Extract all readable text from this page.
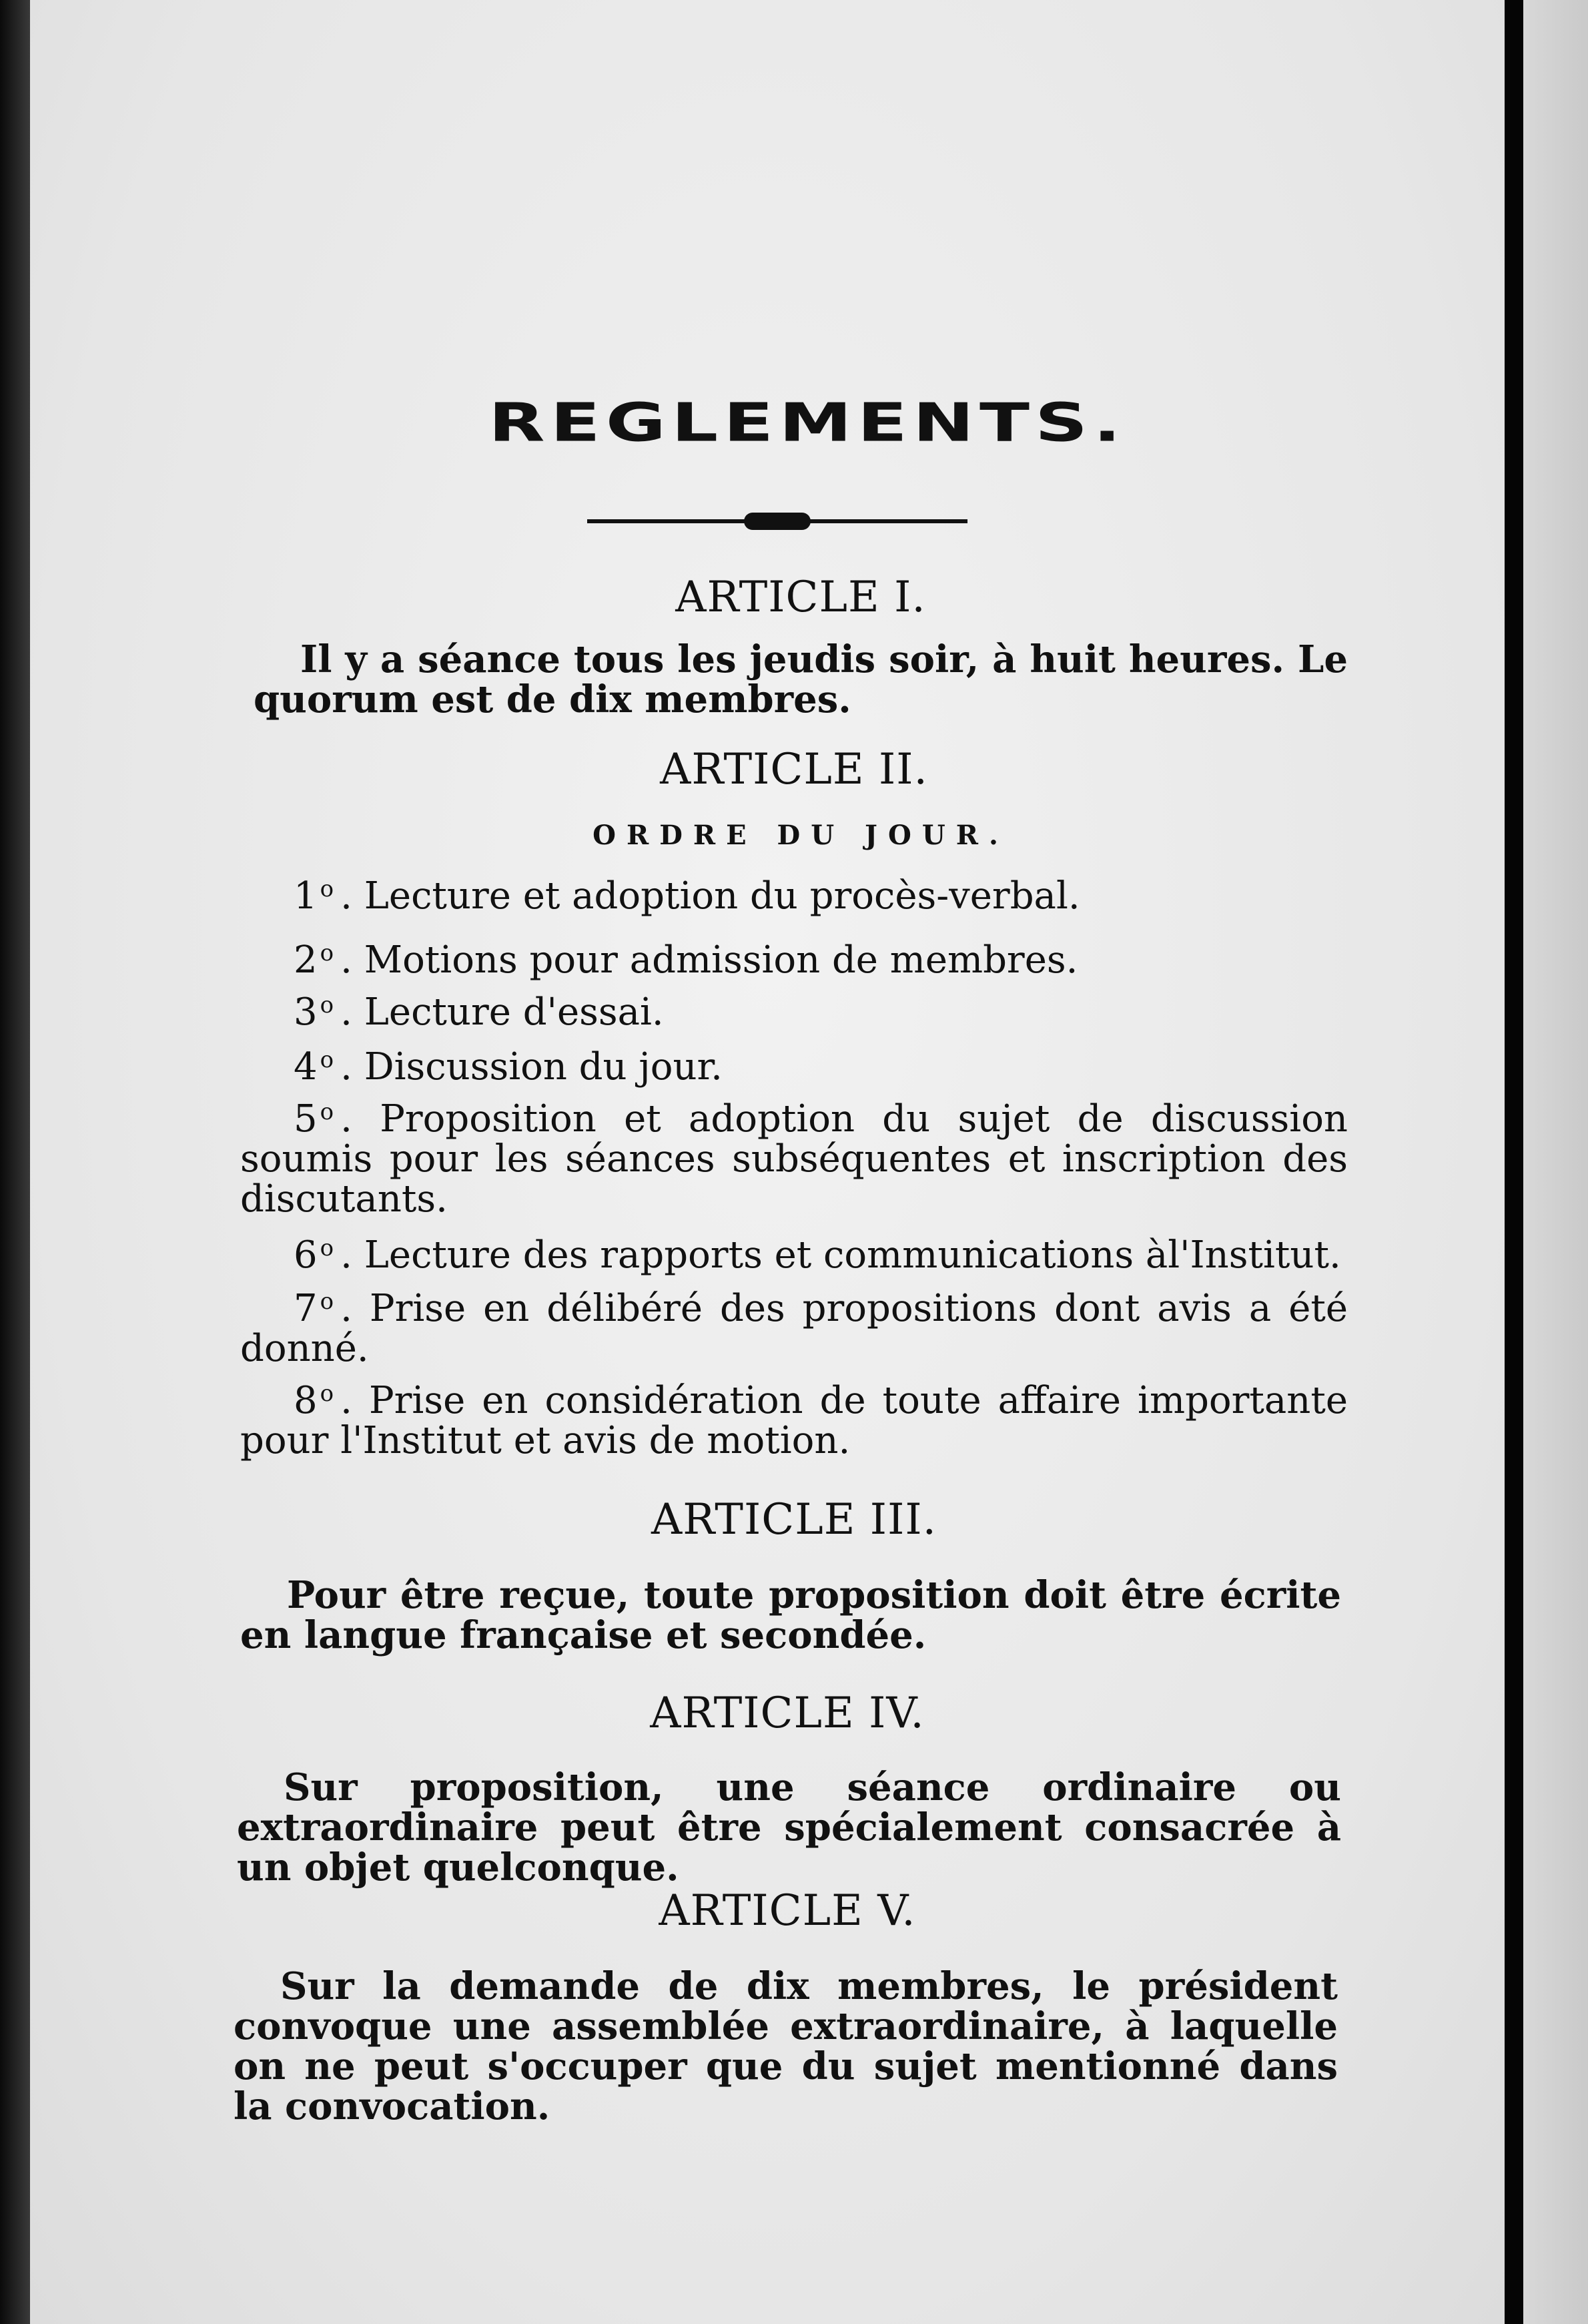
REGLEMENTS.
ARTICLE I.
Il y a séance tous les jeudis soir, à huit heures. Le quorum est de dix membres.
ARTICLE II.
ORDRE DU JOUR.
1 $^o$ . Lecture et adoption du procès-verbal.
2 $^o$ . Motions pour admission de membres.
3 $^o$ . Lecture d'essai.
4 $^o$ . Discussion du jour.
5 $^o$ . Proposition et adoption du sujet de discussion soumis pour les séances subséquentes et inscription des discutants.
6 $^o$ . Lecture des rapports et communications àl'Institut.
7 $^o$ . Prise en délibéré des propositions dont avis a été donné.
8 $^o$ . Prise en considération de toute affaire importante pour l'Institut et avis de motion.
ARTICLE III.
Pour être reçue, toute proposition doit être écrite en langue française et secondée.
ARTICLE IV.
Sur proposition, une séance ordinaire ou extraordinaire peut être spécialement consacrée à un objet quelconque.
ARTICLE V.
Sur la demande de dix membres, le président convoque une assemblée extraordinaire, à laquelle on ne peut s'occuper que du sujet mentionné dans la convocation.
